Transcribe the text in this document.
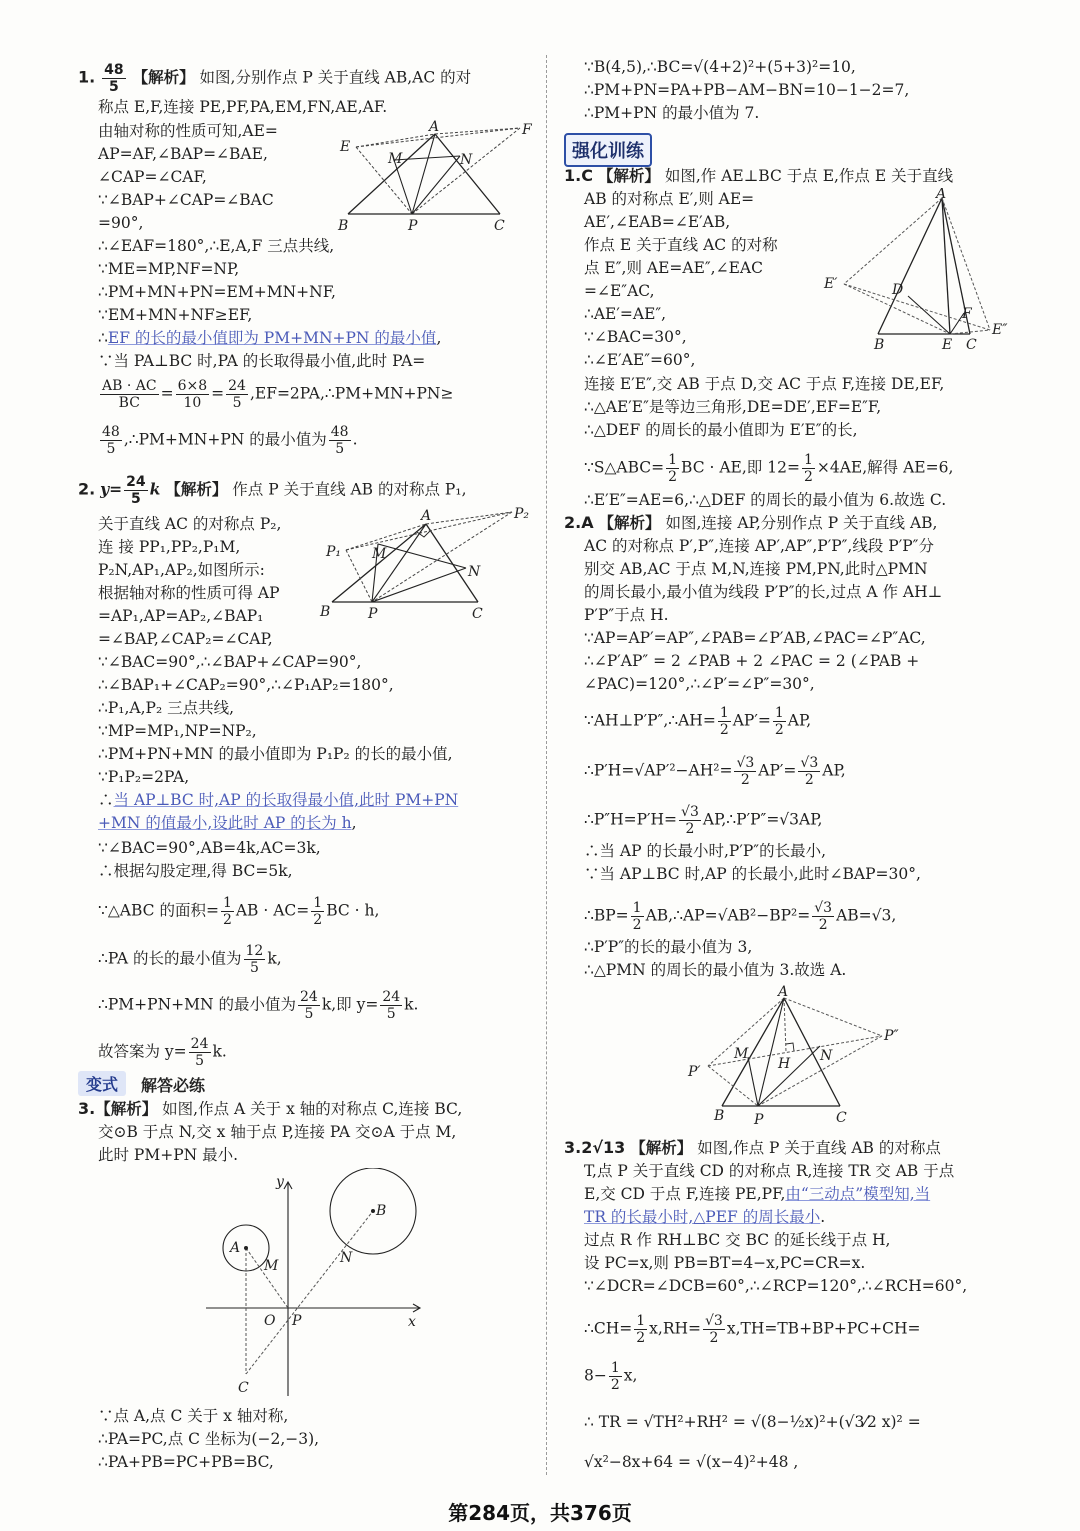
1. $\frac{48}{5}$ 【解析】 如图,分别作点 P 关于直线 AB,AC 的对
称点 E,F,连接 PE,PF,PA,EM,FN,AE,AF.
由轴对称的性质可知,AE=
AP=AF,∠BAP=∠BAE,
∠CAP=∠CAF,
∵∠BAP+∠CAP=∠BAC
=90°,
∴∠EAF=180°,∴E,A,F 三点共线,
∵ME=MP,NF=NP,
∴PM+MN+PN=EM+MN+NF,
∵EM+MN+NF≥EF,
∴EF 的长的最小值即为 PM+MN+PN 的最小值,
∵当 PA⊥BC 时,PA 的长取得最小值,此时 PA=
$\frac{AB \cdot AC}{BC} = \frac{6\times 8}{10} = \frac{24}{5}$ ,EF=2PA,∴PM+MN+PN≥
$\frac{48}{5}$ ,∴PM+MN+PN 的最小值为 $\frac{48}{5}$ .
A
E
F
M	N
B	P	C
2. $y= \frac{24}{5}$ k 【解析】 作点 P 关于直线 AB 的对称点 P₁,
关于直线 AC 的对称点 P₂,
连 接 PP₁,PP₂,P₁M,
P₂N,AP₁,AP₂,如图所示:
根据轴对称的性质可得 AP
=AP₁,AP=AP₂,∠BAP₁
=∠BAP,∠CAP₂=∠CAP,
∵∠BAC=90°,∴∠BAP+∠CAP=90°,
∴∠BAP₁+∠CAP₂=90°,∴∠P₁AP₂=180°,
∴P₁,A,P₂ 三点共线,
∵MP=MP₁,NP=NP₂,
∴PM+PN+MN 的最小值即为 P₁P₂ 的长的最小值,
∵P₁P₂=2PA,
∴当 AP⊥BC 时,AP 的长取得最小值,此时 PM+PN
+MN 的值最小,设此时 AP 的长为 h,
∵∠BAC=90°,AB=4k,AC=3k,
∴根据勾股定理,得 BC=5k,
∵△ABC 的面积= $\frac{1}{2}$ AB · $AC= \frac{1}{2}$ BC · h,
∴PA 的长的最小值为 $\frac{12}{5} k$,
∴PM+PN+MN 的最小值为 $\frac{24}{5} k$,即 $y= \frac{24}{5} k$.
故答案为 $y= \frac{24}{5} k$.
A	P₂
P₁ M
N
B	P	C
变式	解答必练
3.【解析】 如图,作点 A 关于 x 轴的对称点 C,连接 BC,
交⊙B 于点 N,交 x 轴于点 P,连接 PA 交⊙A 于点 M,
此时 PM+PN 最小.
y
x
O P
A
M
B
N
C
∵点 A,点 C 关于 x 轴对称,
∴PA=PC,点 C 坐标为(−2,−3),
∴PA+PB=PC+PB=BC,
∵B(4,5),∴BC=√(4+2)²+(5+3)²=10,
∴PM+PN=PA+PB−AM−BN=10−1−2=7,
∴PM+PN 的最小值为 7.
强化训练
1.C 【解析】 如图,作 AE⊥BC 于点 E,作点 E 关于直线
AB 的对称点 E′,则 AE=
AE′,∠EAB=∠E′AB,
作点 E 关于直线 AC 的对称
点 E″,则 AE=AE″,∠EAC
=∠E″AC,
∴AE′=AE″,
∵∠BAC=30°,
∴∠E′AE″=60°,
连接 E′E″,交 AB 于点 D,交 AC 于点 F,连接 DE,EF,
∴△AE′E″是等边三角形,DE=DE′,EF=E″F,
∴△DEF 的周长的最小值即为 E′E″的长,
∵S△ABC= $\frac{1}{2}$ BC · AE,即 $12= \frac{1}{2} \times 4AE$,解得 AE=6,
∴E′E″=AE=6,∴△DEF 的周长的最小值为 6.故选 C.
A
E′	D
F
E″
B	E C
2.A 【解析】 如图,连接 AP,分别作点 P 关于直线 AB,
AC 的对称点 P′,P″,连接 AP′,AP″,P′P″,线段 P′P″分
别交 AB,AC 于点 M,N,连接 PM,PN,此时△PMN
的周长最小,最小值为线段 P′P″的长,过点 A 作 AH⊥
P′P″于点 H.
∵AP=AP′=AP″,∠PAB=∠P′AB,∠PAC=∠P″AC,
∴∠P′AP″ = 2 ∠PAB + 2 ∠PAC = 2 (∠PAB +
∠PAC)=120°,∴∠P′=∠P″=30°,
∵AH⊥P′P″,∴AH= $\frac{1}{2} AP'= \frac{1}{2}$ AP,
∴P′H=√AP′²−AH²= $\frac{√3}{2} AP'= \frac{√3}{2}$ AP,
∴P″H=P′H= $\frac{√3}{2}$ AP,∴P′P″=√3AP,
∴当 AP 的长最小时,P′P″的长最小,
∵当 AP⊥BC 时,AP 的长最小,此时∠BAP=30°,
∴BP= $\frac{1}{2}$ AB,∴AP=√AB²−BP²= $\frac{√3}{2} AB=√3$,
∴P′P″的长的最小值为 3,
∴△PMN 的周长的最小值为 3.故选 A.
A
P″
P′
M	N
H
B P	C
3.2√13 【解析】 如图,作点 P 关于直线 AB 的对称点
T,点 P 关于直线 CD 的对称点 R,连接 TR 交 AB 于点
E,交 CD 于点 F,连接 PE,PF,由“三动点”模型知,当
TR 的长最小时,△PEF 的周长最小.
过点 R 作 RH⊥BC 交 BC 的延长线于点 H,
设 PC=x,则 PB=BT=4−x,PC=CR=x.
∵∠DCR=∠DCB=60°,∴∠RCP=120°,∴∠RCH=60°,
∴CH= $\frac{1}{2} x,RH= \frac{√3}{2} x,TH=TB+BP+PC+CH=$
$8- \frac{1}{2} x$,
∴ TR = √TH²+RH² = √(8−½x)²+(√3⁄2 x)² =
√x²−8x+64 = √(x−4)²+48 ,
第284页，共376页
